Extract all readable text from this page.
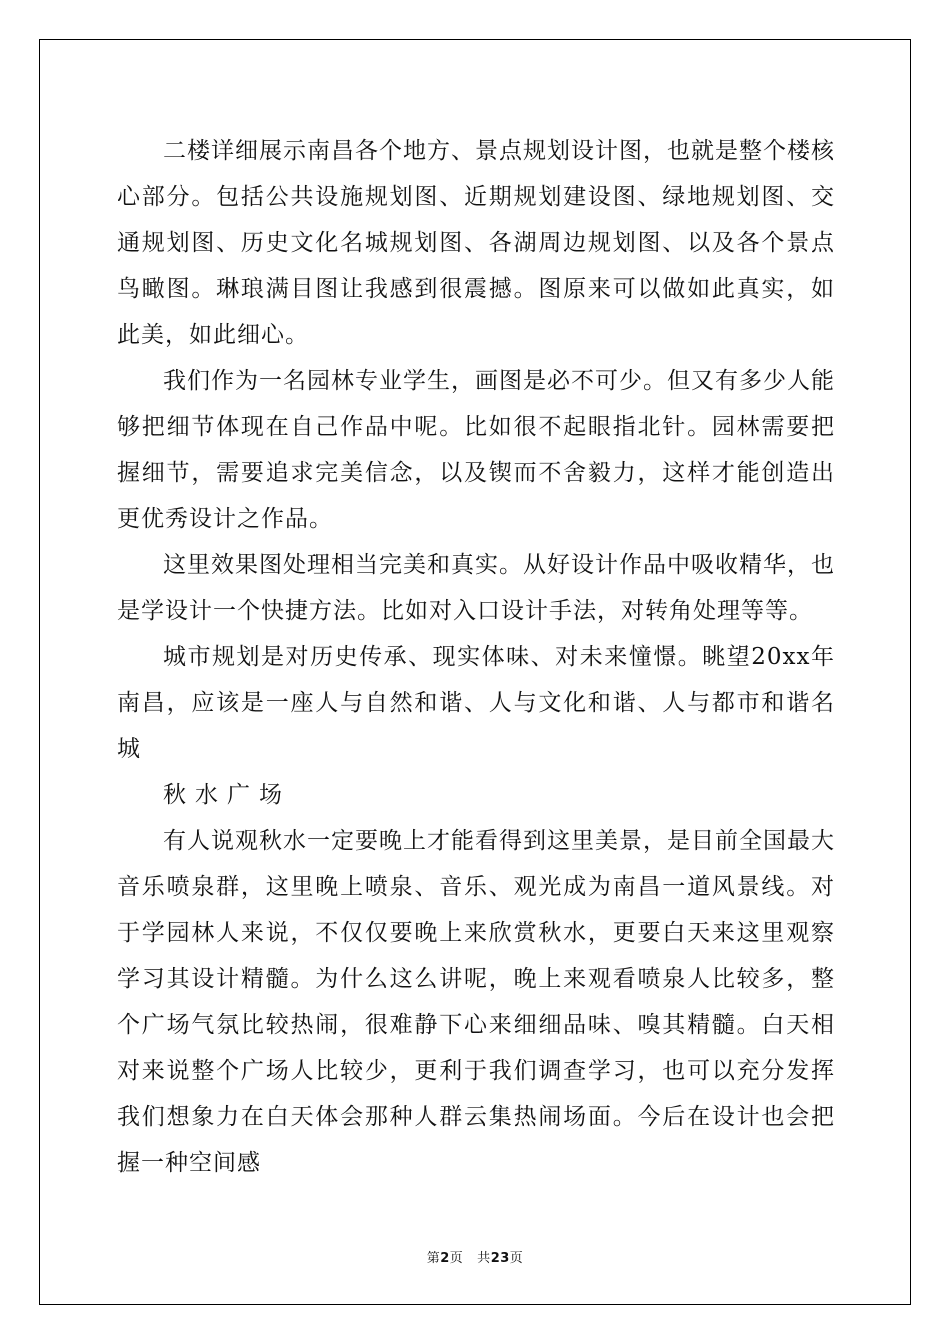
二楼详细展示南昌各个地方、景点规划设计图，也就是整个楼核心部分。包括公共设施规划图、近期规划建设图、绿地规划图、交通规划图、历史文化名城规划图、各湖周边规划图、以及各个景点鸟瞰图。琳琅满目图让我感到很震撼。图原来可以做如此真实，如此美，如此细心。

我们作为一名园林专业学生，画图是必不可少。但又有多少人能够把细节体现在自己作品中呢。比如很不起眼指北针。园林需要把握细节，需要追求完美信念，以及锲而不舍毅力，这样才能创造出更优秀设计之作品。

这里效果图处理相当完美和真实。从好设计作品中吸收精华，也是学设计一个快捷方法。比如对入口设计手法，对转角处理等等。

城市规划是对历史传承、现实体味、对未来憧憬。眺望20xx年南昌，应该是一座人与自然和谐、人与文化和谐、人与都市和谐名城

秋水广场

有人说观秋水一定要晚上才能看得到这里美景，是目前全国最大音乐喷泉群，这里晚上喷泉、音乐、观光成为南昌一道风景线。对于学园林人来说，不仅仅要晚上来欣赏秋水，更要白天来这里观察学习其设计精髓。为什么这么讲呢，晚上来观看喷泉人比较多，整个广场气氛比较热闹，很难静下心来细细品味、嗅其精髓。白天相对来说整个广场人比较少，更利于我们调查学习，也可以充分发挥我们想象力在白天体会那种人群云集热闹场面。今后在设计也会把握一种空间感

第2页 共23页
